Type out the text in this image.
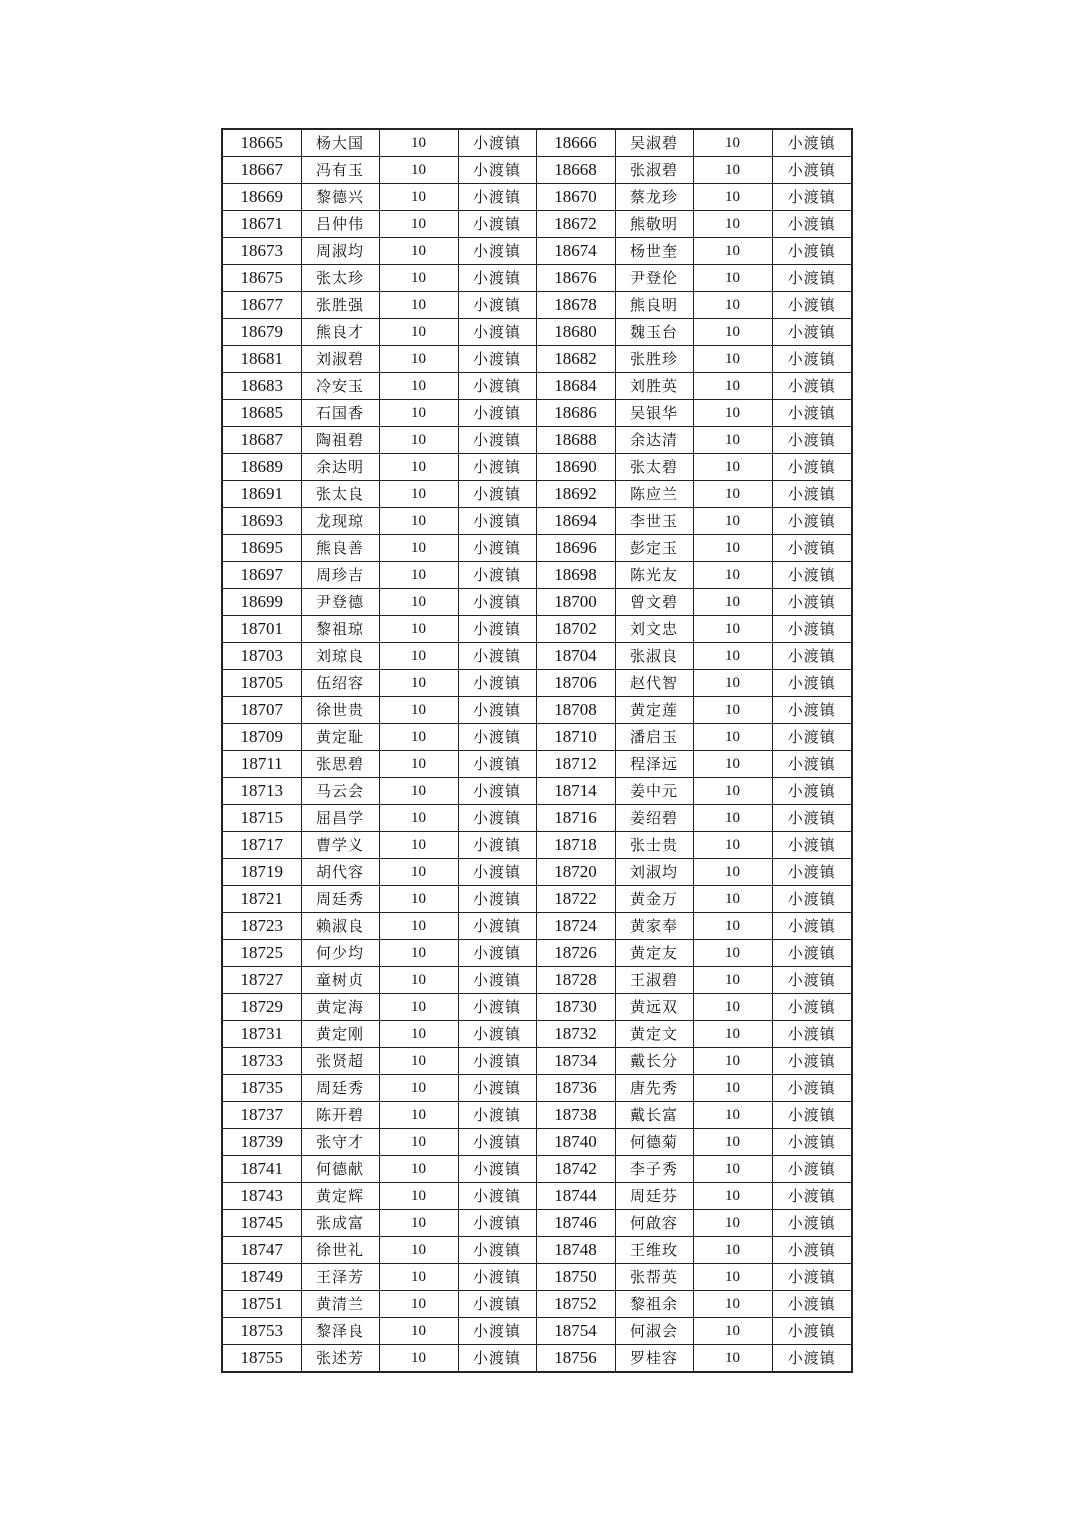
18665	杨大国	10	小渡镇	18666	吴淑碧	10	小渡镇
18667	冯有玉	10	小渡镇	18668	张淑碧	10	小渡镇
18669	黎德兴	10	小渡镇	18670	蔡龙珍	10	小渡镇
18671	吕仲伟	10	小渡镇	18672	熊敬明	10	小渡镇
18673	周淑均	10	小渡镇	18674	杨世奎	10	小渡镇
18675	张太珍	10	小渡镇	18676	尹登伦	10	小渡镇
18677	张胜强	10	小渡镇	18678	熊良明	10	小渡镇
18679	熊良才	10	小渡镇	18680	魏玉台	10	小渡镇
18681	刘淑碧	10	小渡镇	18682	张胜珍	10	小渡镇
18683	冷安玉	10	小渡镇	18684	刘胜英	10	小渡镇
18685	石国香	10	小渡镇	18686	吴银华	10	小渡镇
18687	陶祖碧	10	小渡镇	18688	余达清	10	小渡镇
18689	余达明	10	小渡镇	18690	张太碧	10	小渡镇
18691	张太良	10	小渡镇	18692	陈应兰	10	小渡镇
18693	龙现琼	10	小渡镇	18694	李世玉	10	小渡镇
18695	熊良善	10	小渡镇	18696	彭定玉	10	小渡镇
18697	周珍吉	10	小渡镇	18698	陈光友	10	小渡镇
18699	尹登德	10	小渡镇	18700	曾文碧	10	小渡镇
18701	黎祖琼	10	小渡镇	18702	刘文忠	10	小渡镇
18703	刘琼良	10	小渡镇	18704	张淑良	10	小渡镇
18705	伍绍容	10	小渡镇	18706	赵代智	10	小渡镇
18707	徐世贵	10	小渡镇	18708	黄定莲	10	小渡镇
18709	黄定耻	10	小渡镇	18710	潘启玉	10	小渡镇
18711	张思碧	10	小渡镇	18712	程泽远	10	小渡镇
18713	马云会	10	小渡镇	18714	姜中元	10	小渡镇
18715	屈昌学	10	小渡镇	18716	姜绍碧	10	小渡镇
18717	曹学义	10	小渡镇	18718	张士贵	10	小渡镇
18719	胡代容	10	小渡镇	18720	刘淑均	10	小渡镇
18721	周廷秀	10	小渡镇	18722	黄金万	10	小渡镇
18723	赖淑良	10	小渡镇	18724	黄家奉	10	小渡镇
18725	何少均	10	小渡镇	18726	黄定友	10	小渡镇
18727	童树贞	10	小渡镇	18728	王淑碧	10	小渡镇
18729	黄定海	10	小渡镇	18730	黄远双	10	小渡镇
18731	黄定刚	10	小渡镇	18732	黄定文	10	小渡镇
18733	张贤超	10	小渡镇	18734	戴长分	10	小渡镇
18735	周廷秀	10	小渡镇	18736	唐先秀	10	小渡镇
18737	陈开碧	10	小渡镇	18738	戴长富	10	小渡镇
18739	张守才	10	小渡镇	18740	何德菊	10	小渡镇
18741	何德献	10	小渡镇	18742	李子秀	10	小渡镇
18743	黄定辉	10	小渡镇	18744	周廷芬	10	小渡镇
18745	张成富	10	小渡镇	18746	何啟容	10	小渡镇
18747	徐世礼	10	小渡镇	18748	王维玫	10	小渡镇
18749	王泽芳	10	小渡镇	18750	张帮英	10	小渡镇
18751	黄清兰	10	小渡镇	18752	黎祖余	10	小渡镇
18753	黎泽良	10	小渡镇	18754	何淑会	10	小渡镇
18755	张述芳	10	小渡镇	18756	罗桂容	10	小渡镇
